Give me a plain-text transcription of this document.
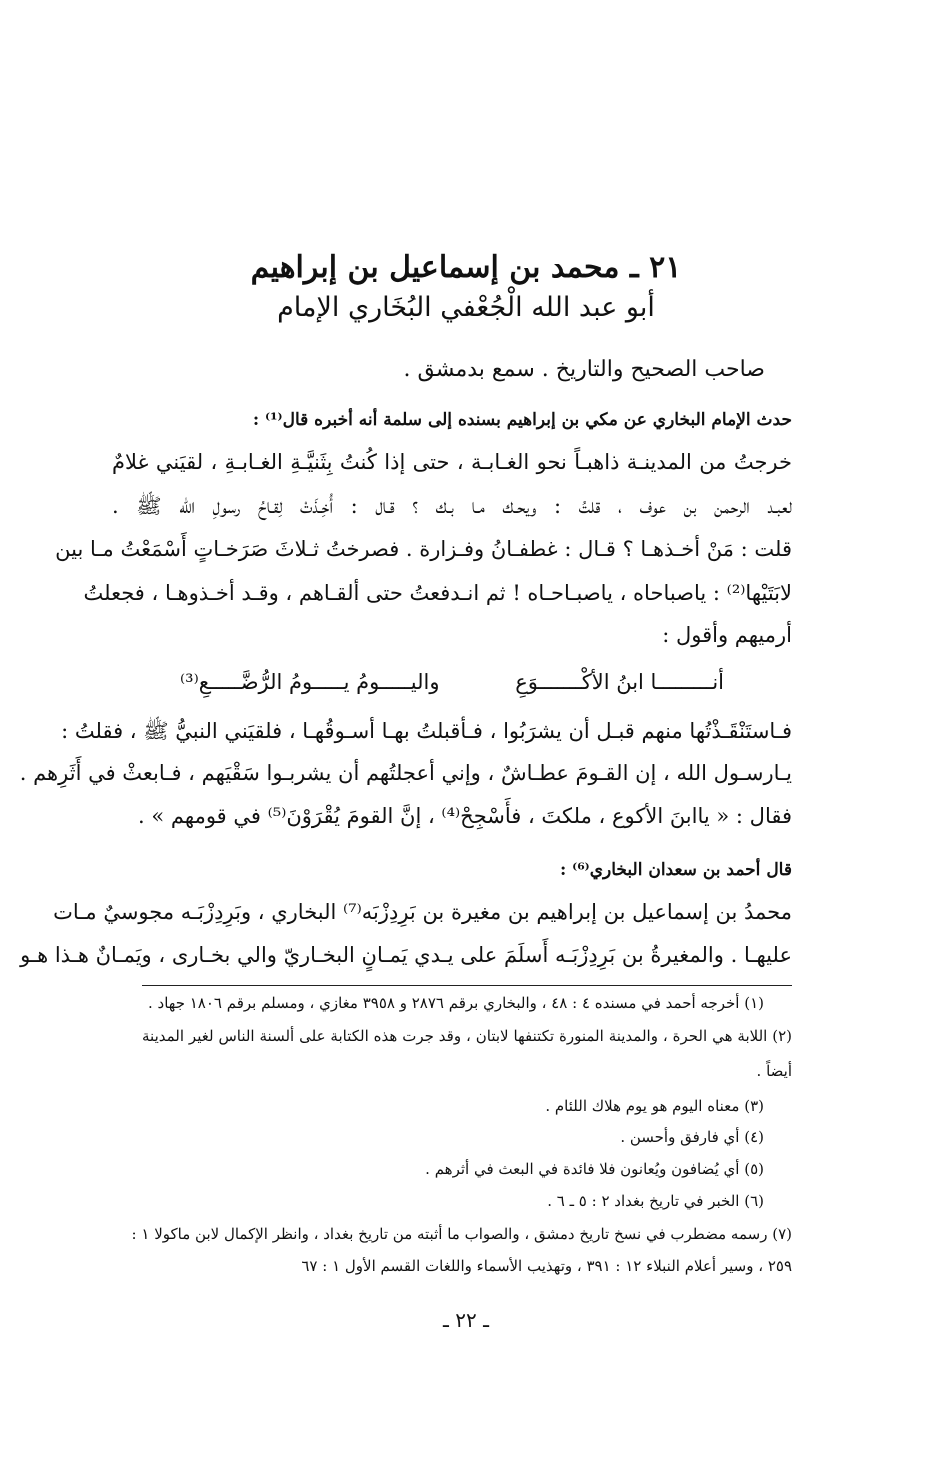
٢١ ـ محمد بن إسماعيل بن إبراهيم
أبو عبد الله الْجُعْفي البُخَاري الإمام
صاحب الصحيح والتاريخ . سمع بدمشق .
حدث الإمام البخاري عن مكي بن إبراهيم بسنده إلى سلمة أنه أخبره قال⁽¹⁾ :
خرجتُ من المدينـة ذاهبـاً نحو الغـابـة ، حتى إذا كُنتُ بِثَنيَّـةِ الغـابـةِ ، لقيَني غلامٌ
لعبـد الرحمن بن عوف ، قلتُ : ويحـك مـا بـك ؟ قـال : أُخِـذَتْ لِقـاحُ رسولِ الله ﷺ .
قلت : مَنْ أخـذهـا ؟ قـال : غطفـانُ وفـزارة . فصرختُ ثـلاثَ صَرَخـاتٍ أَسْمَعْتُ مـا بين
لابَتَيْها⁽²⁾ : ياصباحاه ، ياصبـاحـاه ! ثم انـدفعتُ حتى ألقـاهم ، وقـد أخـذوهـا ، فجعلتُ
أرميهم وأقول :
أنـــــــــا ابنُ الأكْـــــــوَعِ
واليـــــومُ يـــــومُ الرُّضَّـــــعِ⁽³⁾
فـاستَنْقَـذْتُها منهم قبـل أن يشرَبُوا ، فـأقبلتُ بهـا أسـوقُهـا ، فلقيَني النبيُّ ﷺ ، فقلتُ :
يـارسـول الله ، إن القـومَ عطـاشٌ ، وإني أعجلتُهم أن يشربـوا سَقْيَهم ، فـابعثْ في أَثَرِهم .
فقال : « ياابنَ الأكوع ، ملكتَ ، فأَسْجِحْ⁽⁴⁾ ، إنَّ القومَ يُقْرَوْنَ⁽⁵⁾ في قومهم » .
قال أحمد بن سعدان البخاري⁽⁶⁾ :
محمدُ بن إسماعيل بن إبراهيم بن مغيرة بن بَرِدِزْبَه⁽⁷⁾ البخاري ، وبَرِدِزْبَـه مجوسيٌ مـات
عليهـا . والمغيرةُ بن بَرِدِزْبَـه أَسلَمَ على يـدي يَمـانٍ البخـاريّ والي بخـارى ، ويَمـانٌ هـذا هـو
(١) أخرجه أحمد في مسنده ٤ : ٤٨ ، والبخاري برقم ٢٨٧٦ و ٣٩٥٨ مغازي ، ومسلم برقم ١٨٠٦ جهاد .
(٢) اللابة هي الحرة ، والمدينة المنورة تكتنفها لابتان ، وقد جرت هذه الكتابة على ألسنة الناس لغير المدينة
أيضاً .
(٣) معناه اليوم هو يوم هلاك اللئام .
(٤) أي فارفق وأحسن .
(٥) أي يُضافون ويُعانون فلا فائدة في البعث في أثرهم .
(٦) الخبر في تاريخ بغداد ٢ : ٥ ـ ٦ .
(٧) رسمه مضطرب في نسخ تاريخ دمشق ، والصواب ما أثبته من تاريخ بغداد ، وانظر الإكمال لابن ماكولا ١ :
٢٥٩ ، وسير أعلام النبلاء ١٢ : ٣٩١ ، وتهذيب الأسماء واللغات القسم الأول ١ : ٦٧
ـ ٢٢ ـ
